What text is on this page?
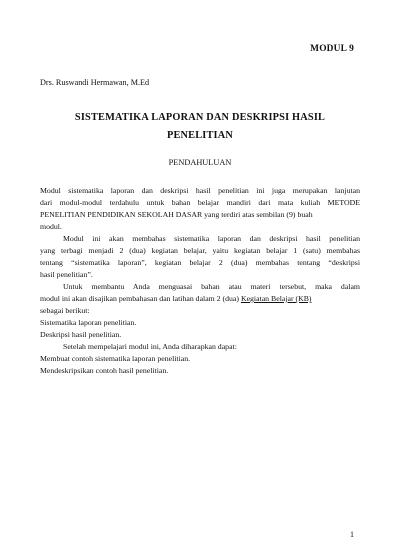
MODUL 9
Drs. Ruswandi Hermawan, M.Ed
SISTEMATIKA LAPORAN DAN DESKRIPSI HASIL
PENELITIAN
PENDAHULUAN
Modul sistematika laporan dan deskripsi hasil penelitian ini juga merupakan lanjutan
dari modul-modul terdahulu untuk bahan belajar mandiri dari mata kuliah METODE
PENELITIAN PENDIDIKAN SEKOLAH DASAR yang terdiri atas sembilan (9) buah
modul.
Modul ini akan membahas sistematika laporan dan deskripsi hasil penelitian
yang terbagi menjadi 2 (dua) kegiatan belajar, yaitu kegiatan belajar 1 (satu) membahas
tentang “sistematika laporan”, kegiatan belajar 2 (dua) membahas tentang “deskripsi
hasil penelitian”.
Untuk membantu Anda menguasai bahan atau materi tersebut, maka dalam
modul ini akan disajikan pembahasan dan latihan dalam 2 (dua) Kegiatan Belajar (KB)
sebagai berikut:
Sistematika laporan penelitian.
Deskripsi hasil penelitian.
Setelah mempelajari modul ini, Anda diharapkan dapat:
Membuat contoh sistematika laporan penelitian.
Mendeskripsikan contoh hasil penelitian.
1
